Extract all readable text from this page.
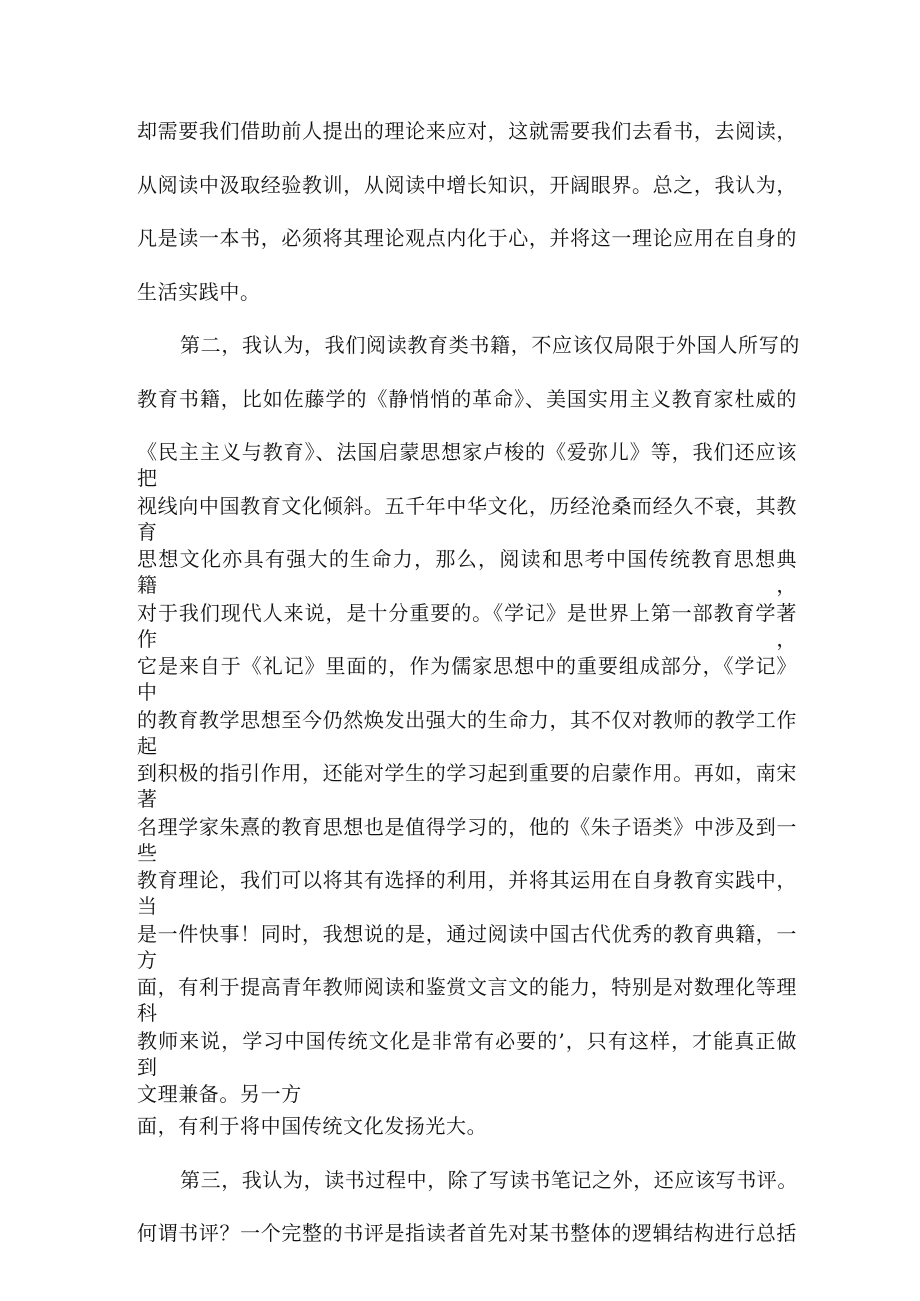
却需要我们借助前人提出的理论来应对，这就需要我们去看书，去阅读，
从阅读中汲取经验教训，从阅读中增长知识，开阔眼界。总之，我认为，
凡是读一本书，必须将其理论观点内化于心，并将这一理论应用在自身的
生活实践中。
第二，我认为，我们阅读教育类书籍，不应该仅局限于外国人所写的
教育书籍，比如佐藤学的《静悄悄的革命》、美国实用主义教育家杜威的
《民主主义与教育》、法国启蒙思想家卢梭的《爱弥儿》等，我们还应该把
视线向中国教育文化倾斜。五千年中华文化，历经沧桑而经久不衰，其教育
思想文化亦具有强大的生命力，那么，阅读和思考中国传统教育思想典籍，
对于我们现代人来说，是十分重要的。《学记》是世界上第一部教育学著作，
它是来自于《礼记》里面的，作为儒家思想中的重要组成部分，《学记》中
的教育教学思想至今仍然焕发出强大的生命力，其不仅对教师的教学工作起
到积极的指引作用，还能对学生的学习起到重要的启蒙作用。再如，南宋著
名理学家朱熹的教育思想也是值得学习的，他的《朱子语类》中涉及到一些
教育理论，我们可以将其有选择的利用，并将其运用在自身教育实践中，当
是一件快事！同时，我想说的是，通过阅读中国古代优秀的教育典籍，一方
面，有利于提高青年教师阅读和鉴赏文言文的能力，特别是对数理化等理科
教师来说，学习中国传统文化是非常有必要的’，只有这样，才能真正做到
文理兼备。另一方
面，有利于将中国传统文化发扬光大。
第三，我认为，读书过程中，除了写读书笔记之外，还应该写书评。
何谓书评？一个完整的书评是指读者首先对某书整体的逻辑结构进行总括
